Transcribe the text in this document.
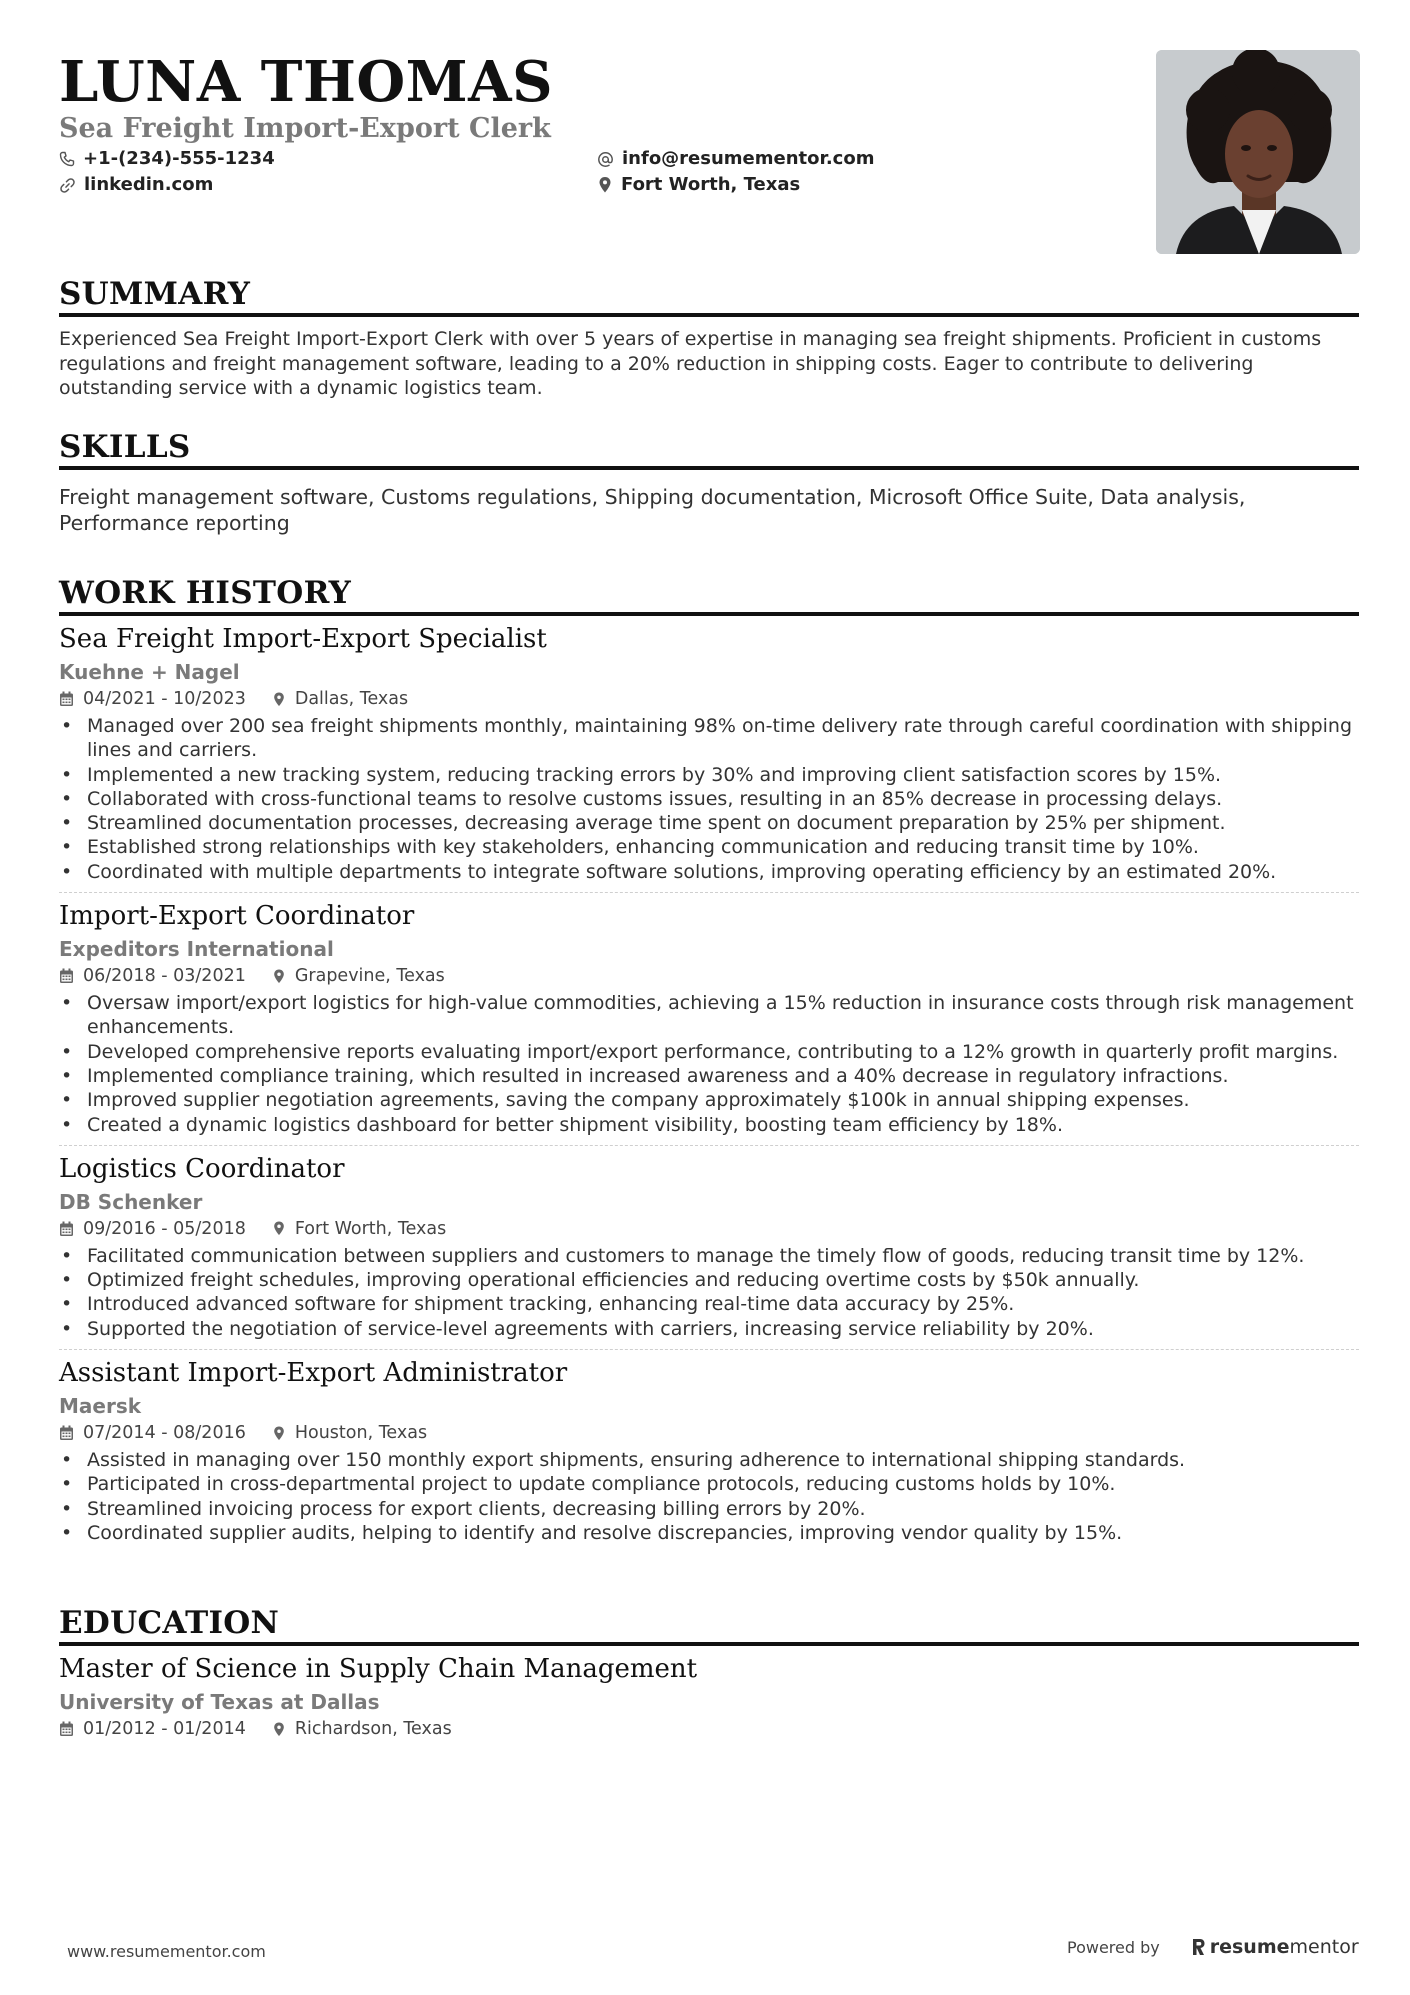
LUNA THOMAS
Sea Freight Import-Export Clerk
+1-(234)-555-1234
linkedin.com
info@resumementor.com
Fort Worth, Texas
SUMMARY

Experienced Sea Freight Import-Export Clerk with over 5 years of expertise in managing sea freight shipments. Proficient in customs regulations and freight management software, leading to a 20% reduction in shipping costs. Eager to contribute to delivering outstanding service with a dynamic logistics team.

SKILLS

Freight management software, Customs regulations, Shipping documentation, Microsoft Office Suite, Data analysis, Performance reporting

WORK HISTORY
Sea Freight Import-Export Specialist
Kuehne + Nagel
04/2021 - 10/2023	Dallas, Texas
• Managed over 200 sea freight shipments monthly, maintaining 98% on-time delivery rate through careful coordination with shipping lines and carriers.
• Implemented a new tracking system, reducing tracking errors by 30% and improving client satisfaction scores by 15%.
• Collaborated with cross-functional teams to resolve customs issues, resulting in an 85% decrease in processing delays.
• Streamlined documentation processes, decreasing average time spent on document preparation by 25% per shipment.
• Established strong relationships with key stakeholders, enhancing communication and reducing transit time by 10%.
• Coordinated with multiple departments to integrate software solutions, improving operating efficiency by an estimated 20%.
Import-Export Coordinator
Expeditors International
06/2018 - 03/2021	Grapevine, Texas
• Oversaw import/export logistics for high-value commodities, achieving a 15% reduction in insurance costs through risk management enhancements.
• Developed comprehensive reports evaluating import/export performance, contributing to a 12% growth in quarterly profit margins.
• Implemented compliance training, which resulted in increased awareness and a 40% decrease in regulatory infractions.
• Improved supplier negotiation agreements, saving the company approximately $100k in annual shipping expenses.
• Created a dynamic logistics dashboard for better shipment visibility, boosting team efficiency by 18%.
Logistics Coordinator
DB Schenker
09/2016 - 05/2018	Fort Worth, Texas
• Facilitated communication between suppliers and customers to manage the timely flow of goods, reducing transit time by 12%.
• Optimized freight schedules, improving operational efficiencies and reducing overtime costs by $50k annually.
• Introduced advanced software for shipment tracking, enhancing real-time data accuracy by 25%.
• Supported the negotiation of service-level agreements with carriers, increasing service reliability by 20%.
Assistant Import-Export Administrator
Maersk
07/2014 - 08/2016	Houston, Texas
• Assisted in managing over 150 monthly export shipments, ensuring adherence to international shipping standards.
• Participated in cross-departmental project to update compliance protocols, reducing customs holds by 10%.
• Streamlined invoicing process for export clients, decreasing billing errors by 20%.
• Coordinated supplier audits, helping to identify and resolve discrepancies, improving vendor quality by 15%.
EDUCATION
Master of Science in Supply Chain Management
University of Texas at Dallas
01/2012 - 01/2014	Richardson, Texas
www.resumementor.com	Powered by	resume mentor
